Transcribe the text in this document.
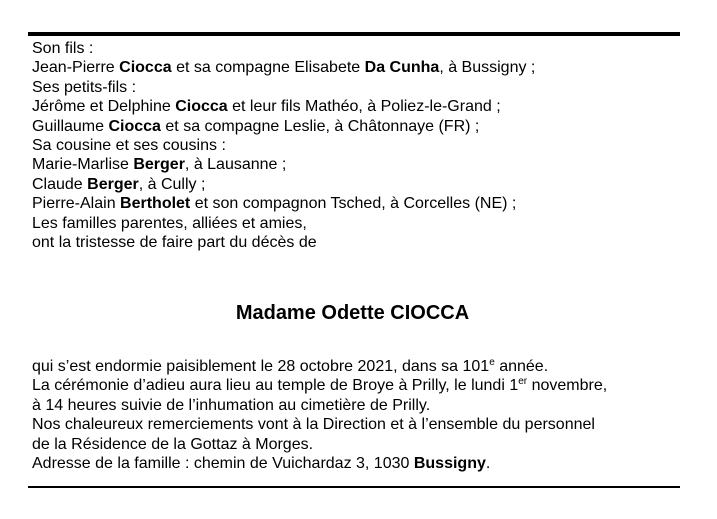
Son fils :
Jean-Pierre Ciocca et sa compagne Elisabete Da Cunha, à Bussigny ;
Ses petits-fils :
Jérôme et Delphine Ciocca et leur fils Mathéo, à Poliez-le-Grand ;
Guillaume Ciocca et sa compagne Leslie, à Châtonnaye (FR) ;
Sa cousine et ses cousins :
Marie-Marlise Berger, à Lausanne ;
Claude Berger, à Cully ;
Pierre-Alain Bertholet et son compagnon Tsched, à Corcelles (NE) ;
Les familles parentes, alliées et amies,
ont la tristesse de faire part du décès de
Madame Odette CIOCCA
qui s’est endormie paisiblement le 28 octobre 2021, dans sa 101e année.
La cérémonie d’adieu aura lieu au temple de Broye à Prilly, le lundi 1er novembre,
à 14 heures suivie de l’inhumation au cimetière de Prilly.
Nos chaleureux remerciements vont à la Direction et à l’ensemble du personnel
de la Résidence de la Gottaz à Morges.
Adresse de la famille : chemin de Vuichardaz 3, 1030 Bussigny.
